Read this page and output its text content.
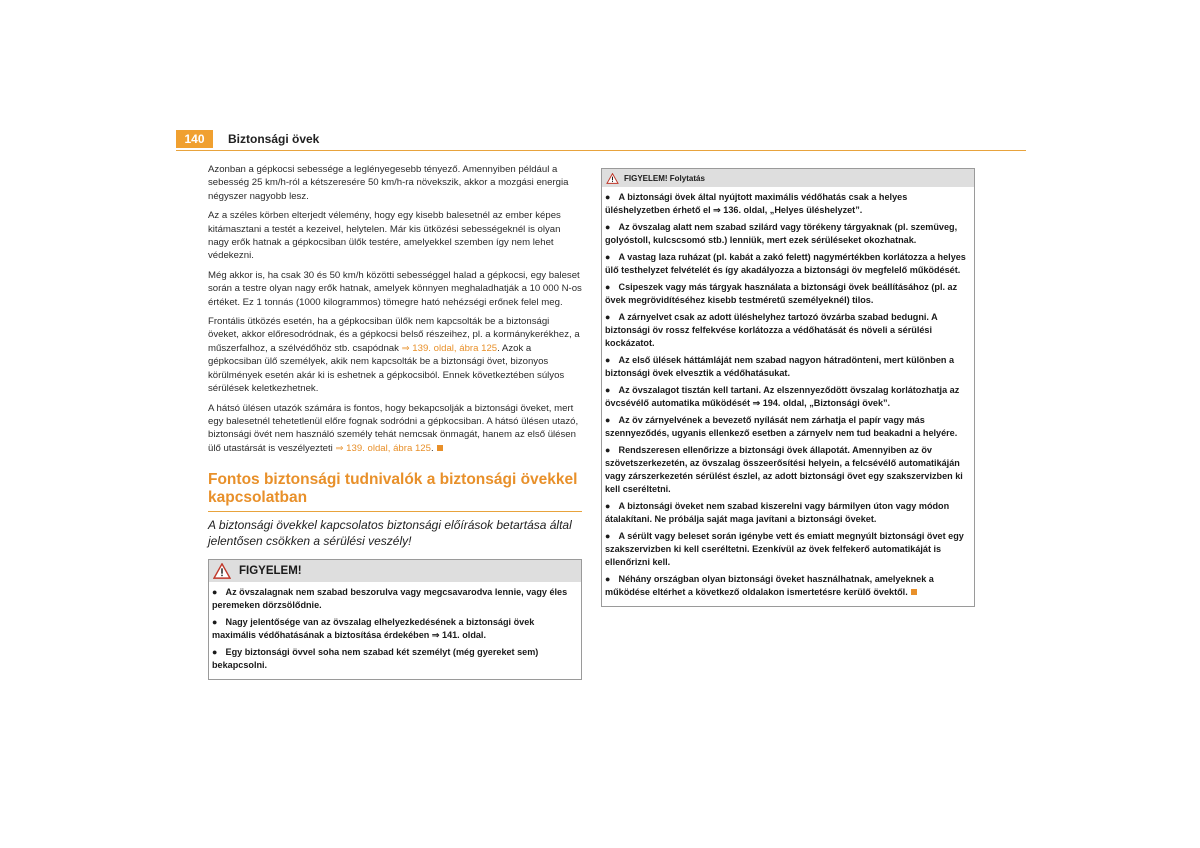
140	Biztonsági övek

Azonban a gépkocsi sebessége a leglényegesebb tényező. Amennyiben például a sebesség 25 km/h-ról a kétszeresére 50 km/h-ra növekszik, akkor a mozgási energia négyszer nagyobb lesz.

Az a széles körben elterjedt vélemény, hogy egy kisebb balesetnél az ember képes kitámasztani a testét a kezeivel, helytelen. Már kis ütközési sebességeknél is olyan nagy erők hatnak a gépkocsiban ülők testére, amelyekkel szemben így nem lehet védekezni.

Még akkor is, ha csak 30 és 50 km/h közötti sebességgel halad a gépkocsi, egy baleset során a testre olyan nagy erők hatnak, amelyek könnyen meghaladhatják a 10 000 N-os értéket. Ez 1 tonnás (1000 kilogrammos) tömegre ható nehézségi erőnek felel meg.

Frontális ütközés esetén, ha a gépkocsiban ülők nem kapcsolták be a biztonsági öveket, akkor előresodródnak, és a gépkocsi belső részeihez, pl. a kormánykerékhez, a műszerfalhoz, a szélvédőhöz stb. csapódnak ⇒ 139. oldal, ábra 125. Azok a gépkocsiban ülő személyek, akik nem kapcsolták be a biztonsági övet, bizonyos körülmények esetén akár ki is eshetnek a gépkocsiból. Ennek következtében súlyos sérülések keletkezhetnek.

A hátsó ülésen utazók számára is fontos, hogy bekapcsolják a biztonsági öveket, mert egy balesetnél tehetetlenül előre fognak sodródni a gépkocsiban. A hátsó ülésen utazó, biztonsági övét nem használó személy tehát nemcsak önmagát, hanem az első ülésen ülő utastársát is veszélyezteti ⇒ 139. oldal, ábra 125.

Fontos biztonsági tudnivalók a biztonsági övekkel kapcsolatban
A biztonsági övekkel kapcsolatos biztonsági előírások betartása által jelentősen csökken a sérülési veszély!
FIGYELEM!

● Az övszalagnak nem szabad beszorulva vagy megcsavarodva lennie, vagy éles peremeken dörzsölődnie.

● Nagy jelentősége van az övszalag elhelyezkedésének a biztonsági övek maximális védőhatásának a biztosítása érdekében ⇒ 141. oldal.

● Egy biztonsági övvel soha nem szabad két személyt (még gyereket sem) bekapcsolni.

FIGYELEM! Folytatás

● A biztonsági övek által nyújtott maximális védőhatás csak a helyes üléshelyzetben érhető el ⇒ 136. oldal, „Helyes üléshelyzet”.

● Az övszalag alatt nem szabad szilárd vagy törékeny tárgyaknak (pl. szemüveg, golyóstoll, kulcscsomó stb.) lenniük, mert ezek sérüléseket okozhatnak.

● A vastag laza ruházat (pl. kabát a zakó felett) nagymértékben korlátozza a helyes ülő testhelyzet felvételét és így akadályozza a biztonsági öv megfelelő működését.

● Csipeszek vagy más tárgyak használata a biztonsági övek beállításához (pl. az övek megrövidítéséhez kisebb testméretű személyeknél) tilos.

● A zárnyelvet csak az adott üléshelyhez tartozó övzárba szabad bedugni. A biztonsági öv rossz felfekvése korlátozza a védőhatását és növeli a sérülési kockázatot.

● Az első ülések háttámláját nem szabad nagyon hátradönteni, mert különben a biztonsági övek elvesztik a védőhatásukat.

● Az övszalagot tisztán kell tartani. Az elszennyeződött övszalag korlátozhatja az övcsévélő automatika működését ⇒ 194. oldal, „Biztonsági övek”.

● Az öv zárnyelvének a bevezető nyílását nem zárhatja el papír vagy más szennyeződés, ugyanis ellenkező esetben a zárnyelv nem tud beakadni a helyére.

● Rendszeresen ellenőrizze a biztonsági övek állapotát. Amennyiben az öv szövetszerkezetén, az övszalag összeerősítési helyein, a felcsévélő automatikáján vagy zárszerkezetén sérülést észlel, az adott biztonsági övet egy szakszervizben ki kell cseréltetni.

● A biztonsági öveket nem szabad kiszerelni vagy bármilyen úton vagy módon átalakítani. Ne próbálja saját maga javítani a biztonsági öveket.

● A sérült vagy beleset során igénybe vett és emiatt megnyúlt biztonsági övet egy szakszervizben ki kell cseréltetni. Ezenkívül az övek felfekerő automatikáját is ellenőrizni kell.

● Néhány országban olyan biztonsági öveket használhatnak, amelyeknek a működése eltérhet a következő oldalakon ismertetésre kerülő övektől.
